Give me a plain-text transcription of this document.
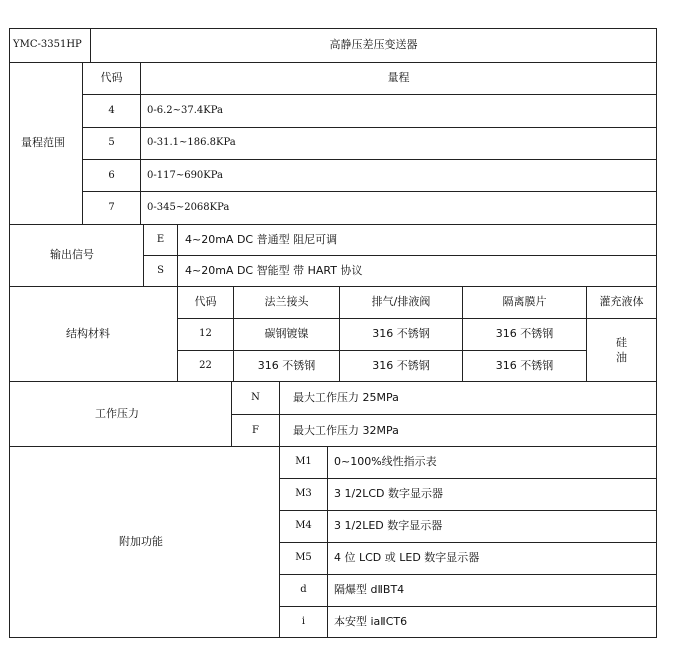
YMC-3351HP	高静压差压变送器
量程范围
代码	量程
4	0-6.2~37.4KPa
5	0-31.1~186.8KPa
6	0-117~690KPa
7	0-345~2068KPa
输出信号
E	4~20mA DC 普通型 阻尼可调
S	4~20mA DC 智能型 带 HART 协议
结构材料
代码	法兰接头	排气/排液阀	隔离膜片	灌充液体
12	碳钢镀镍	316 不锈钢	316 不锈钢
22	316 不锈钢	316 不锈钢	316 不锈钢
硅
油
工作压力
N	最大工作压力 25MPa
F	最大工作压力 32MPa
附加功能
M1	0~100%线性指示表
M3	3 1/2LCD 数字显示器
M4	3 1/2LED 数字显示器
M5	4 位 LCD 或 LED 数字显示器
d	隔爆型 dⅡBT4
i	本安型 iaⅡCT6
